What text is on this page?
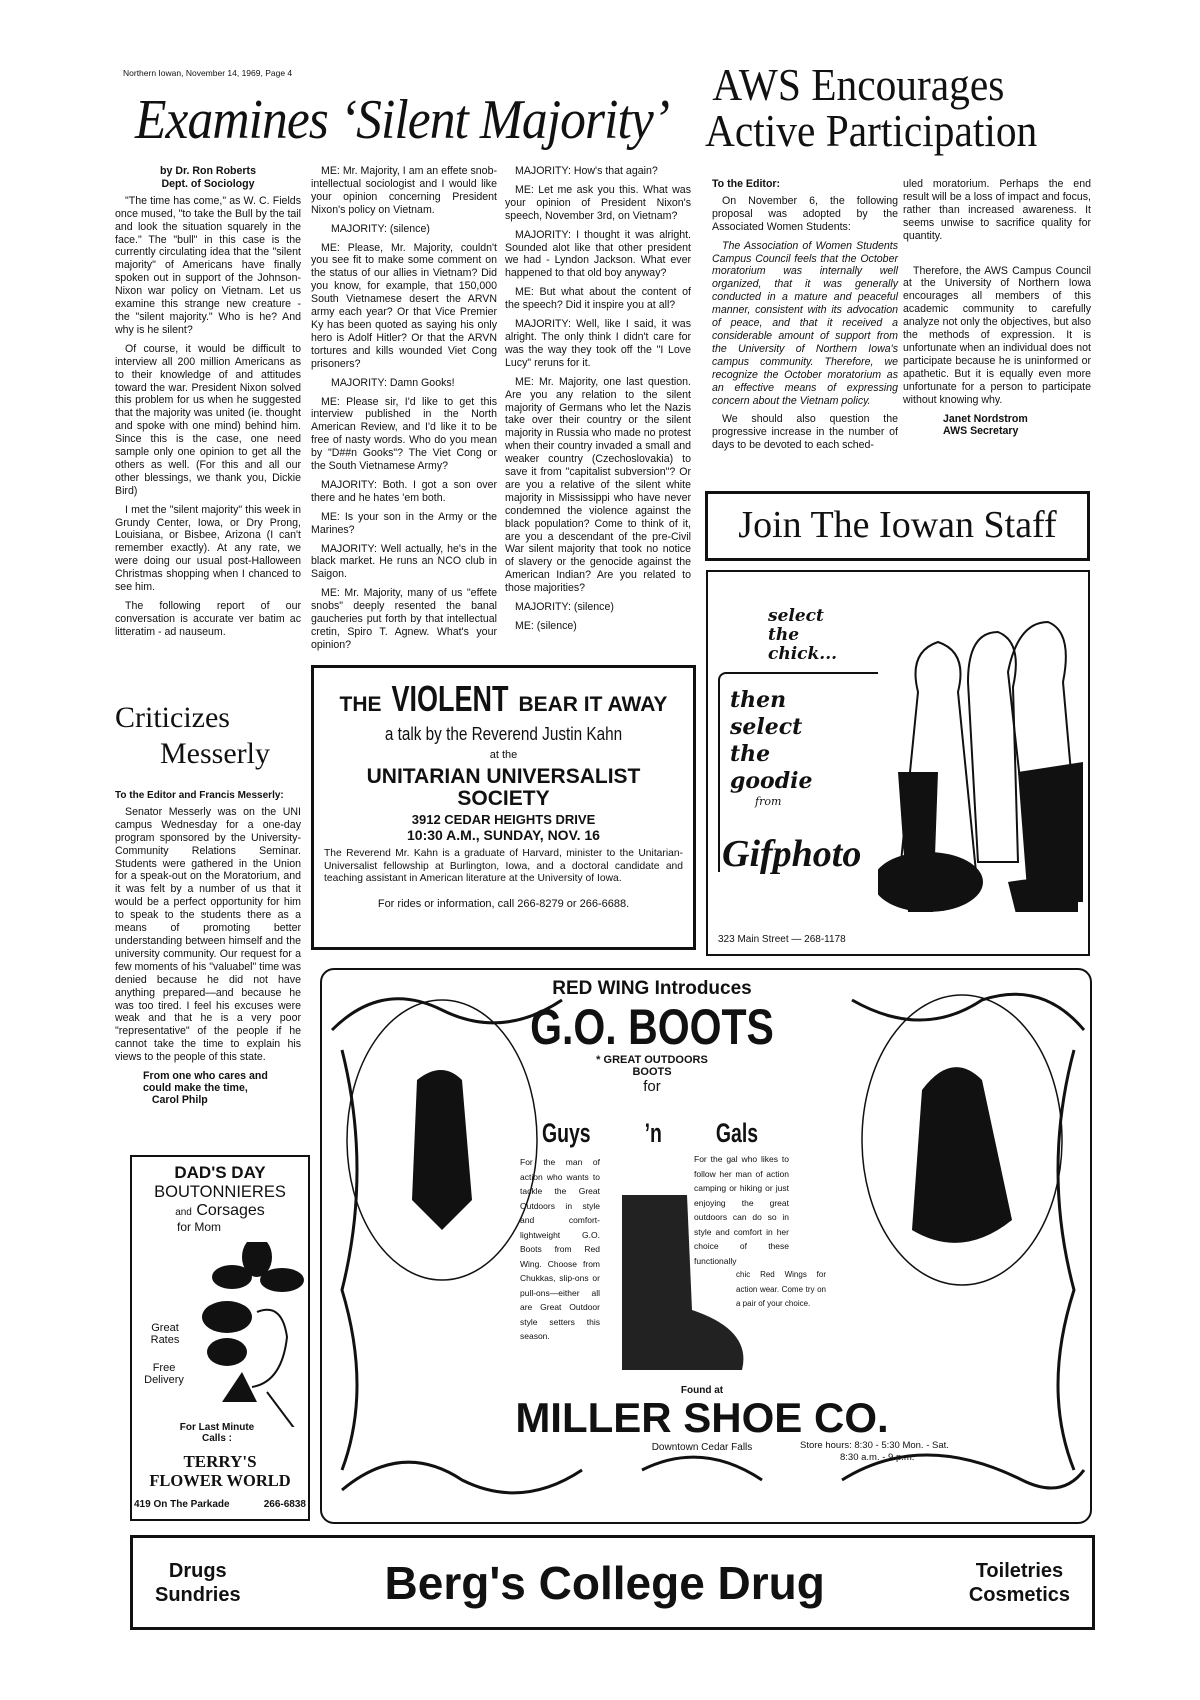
Northern Iowan, November 14, 1969, Page 4
Examines ‘Silent Majority’
by Dr. Ron Roberts
Dept. of Sociology

"The time has come," as W. C. Fields once mused, "to take the Bull by the tail and look the situation squarely in the face." The "bull" in this case is the currently circulating idea that the "silent majority" of Americans have finally spoken out in support of the Johnson-Nixon war policy on Vietnam. Let us examine this strange new creature - the "silent majority." Who is he? And why is he silent?

Of course, it would be difficult to interview all 200 million Americans as to their knowledge of and attitudes toward the war. President Nixon solved this problem for us when he suggested that the majority was united (ie. thought and spoke with one mind) behind him. Since this is the case, one need sample only one opinion to get all the others as well. (For this and all our other blessings, we thank you, Dickie Bird)

I met the "silent majority" this week in Grundy Center, Iowa, or Dry Prong, Louisiana, or Bisbee, Arizona (I can't remember exactly). At any rate, we were doing our usual post-Halloween Christmas shopping when I chanced to see him.

The following report of our conversation is accurate ver batim ac litteratim - ad nauseum.

ME: Mr. Majority, I am an effete snob-intellectual sociologist and I would like your opinion concerning President Nixon's policy on Vietnam.

MAJORITY: (silence)

ME: Please, Mr. Majority, couldn't you see fit to make some comment on the status of our allies in Vietnam? Did you know, for example, that 150,000 South Vietnamese desert the ARVN army each year? Or that Vice Premier Ky has been quoted as saying his only hero is Adolf Hitler? Or that the ARVN tortures and kills wounded Viet Cong prisoners?

MAJORITY: Damn Gooks!

ME: Please sir, I'd like to get this interview published in the North American Review, and I'd like it to be free of nasty words. Who do you mean by "D##n Gooks"? The Viet Cong or the South Vietnamese Army?

MAJORITY: Both. I got a son over there and he hates 'em both.

ME: Is your son in the Army or the Marines?

MAJORITY: Well actually, he's in the black market. He runs an NCO club in Saigon.

ME: Mr. Majority, many of us "effete snobs" deeply resented the banal gaucheries put forth by that intellectual cretin, Spiro T. Agnew. What's your opinion?

MAJORITY: How's that again?

ME: Let me ask you this. What was your opinion of President Nixon's speech, November 3rd, on Vietnam?

MAJORITY: I thought it was alright. Sounded alot like that other president we had - Lyndon Jackson. What ever happened to that old boy anyway?

ME: But what about the content of the speech? Did it inspire you at all?

MAJORITY: Well, like I said, it was alright. The only think I didn't care for was the way they took off the "I Love Lucy" reruns for it.

ME: Mr. Majority, one last question. Are you any relation to the silent majority of Germans who let the Nazis take over their country or the silent majority in Russia who made no protest when their country invaded a small and weaker country (Czechoslovakia) to save it from "capitalist subversion"? Or are you a relative of the silent white majority in Mississippi who have never condemned the violence against the black population? Come to think of it, are you a descendant of the pre-Civil War silent majority that took no notice of slavery or the genocide against the American Indian? Are you related to those majorities?

MAJORITY: (silence)

ME: (silence)

AWS Encourages
Active Participation
To the Editor:

On November 6, the following proposal was adopted by the Associated Women Students:

The Association of Women Students Campus Council feels that the October moratorium was internally well organized, that it was generally conducted in a mature and peaceful manner, consistent with its advocation of peace, and that it received a considerable amount of support from the University of Northern Iowa's campus community. Therefore, we recognize the October moratorium as an effective means of expressing concern about the Vietnam policy.

We should also question the progressive increase in the number of days to be devoted to each sched-

uled moratorium. Perhaps the end result will be a loss of impact and focus, rather than increased awareness. It seems unwise to sacrifice quality for quantity.

Therefore, the AWS Campus Council at the University of Northern Iowa encourages all members of this academic community to carefully analyze not only the objectives, but also the methods of expression. It is unfortunate when an individual does not participate because he is uninformed or apathetic. But it is equally even more unfortunate for a person to participate without knowing why.

Janet Nordstrom
AWS Secretary

Criticizes
Messerly
To the Editor and Francis Messerly:

Senator Messerly was on the UNI campus Wednesday for a one-day program sponsored by the University-Community Relations Seminar. Students were gathered in the Union for a speak-out on the Moratorium, and it was felt by a number of us that it would be a perfect opportunity for him to speak to the students there as a means of promoting better understanding between himself and the university community. Our request for a few moments of his "valuabel" time was denied because he did not have anything prepared—and because he was too tired. I feel his excuses were weak and that he is a very poor "representative" of the people if he cannot take the time to explain his views to the people of this state.

From one who cares and
could make the time,
Carol Philp

THE VIOLENT BEAR IT AWAY
a talk by the Reverend Justin Kahn
at the
UNITARIAN UNIVERSALIST
SOCIETY
3912 CEDAR HEIGHTS DRIVE
10:30 A.M., SUNDAY, NOV. 16
The Reverend Mr. Kahn is a graduate of Harvard, minister to the Unitarian-Universalist fellowship at Burlington, Iowa, and a doctoral candidate and teaching assistant in American literature at the University of Iowa.
For rides or information, call 266-8279 or 266-6688.
Join The Iowan Staff
select
the
chick...
then
select
the
goodie
from
Gifphoto
323 Main Street — 268-1178
RED WING Introduces
G.O. BOOTS
* GREAT OUTDOORS
BOOTS
for
Guys ’n Gals
For the man of action who wants to tackle the Great Outdoors in style and comfort-lightweight G.O. Boots from Red Wing. Choose from Chukkas, slip-ons or pull-ons—either all are Great Outdoor style setters this season.
For the gal who likes to follow her man of action camping or hiking or just enjoying the great outdoors can do so in style and comfort in her choice of these functionally
chic Red Wings for action wear. Come try on a pair of your choice.
Found at
MILLER SHOE CO.
Downtown Cedar Falls	Store hours: 8:30 - 5:30 Mon. - Sat.
8:30 a.m. - 9 p.m.
DAD'S DAY
BOUTONNIERES
and Corsages
for Mom
Great Rates
Free Delivery
For Last Minute
Calls :
TERRY'S
FLOWER WORLD
419 On The Parkade	266-6838
Drugs
Sundries	Berg's College Drug	Toiletries
Cosmetics
